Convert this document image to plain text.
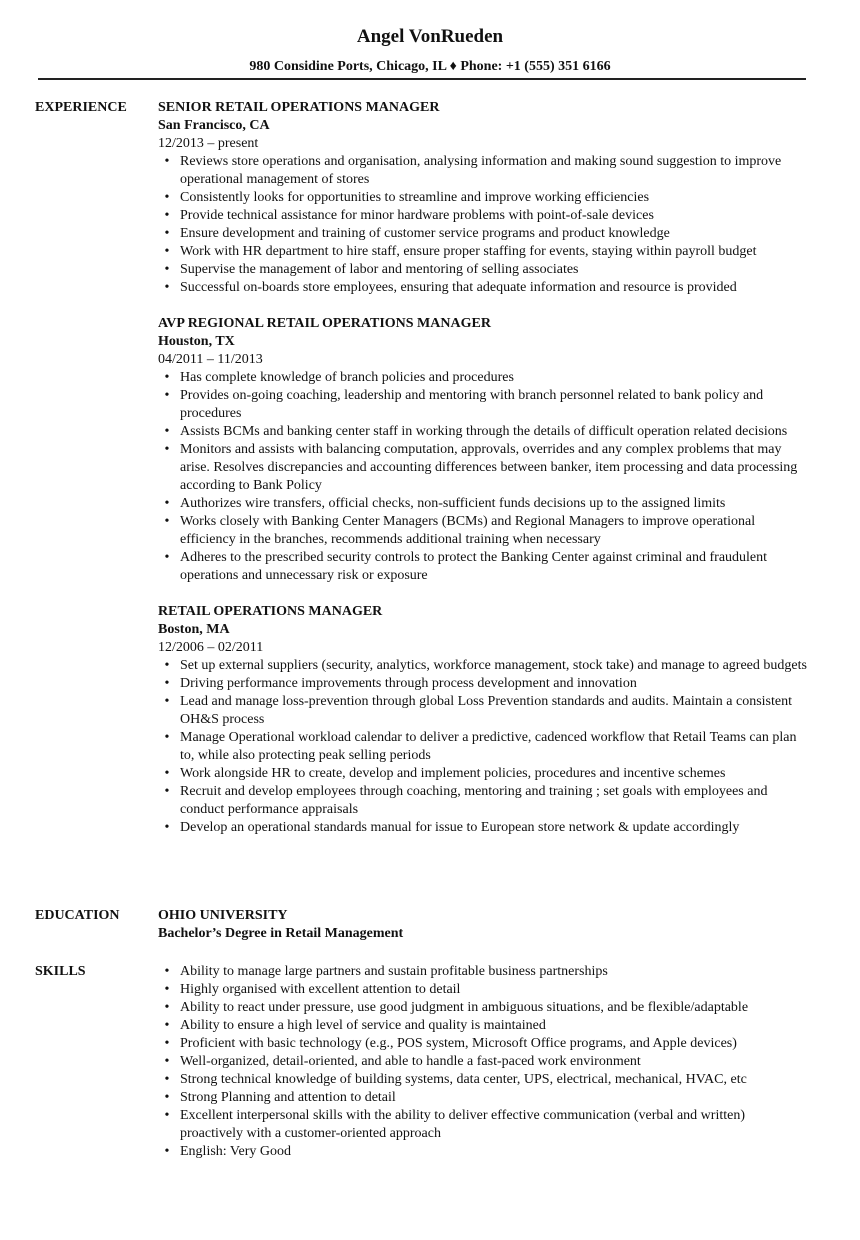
Angel VonRueden
980 Considine Ports, Chicago, IL ♦ Phone: +1 (555) 351 6166
EXPERIENCE SENIOR RETAIL OPERATIONS MANAGER
San Francisco, CA
12/2013 – present
• Reviews store operations and organisation, analysing information and making sound suggestion to improve operational management of stores
• Consistently looks for opportunities to streamline and improve working efficiencies
• Provide technical assistance for minor hardware problems with point-of-sale devices
• Ensure development and training of customer service programs and product knowledge
• Work with HR department to hire staff, ensure proper staffing for events, staying within payroll budget
• Supervise the management of labor and mentoring of selling associates
• Successful on-boards store employees, ensuring that adequate information and resource is provided
AVP REGIONAL RETAIL OPERATIONS MANAGER
Houston, TX
04/2011 – 11/2013
• Has complete knowledge of branch policies and procedures
• Provides on-going coaching, leadership and mentoring with branch personnel related to bank policy and procedures
• Assists BCMs and banking center staff in working through the details of difficult operation related decisions
• Monitors and assists with balancing computation, approvals, overrides and any complex problems that may arise. Resolves discrepancies and accounting differences between banker, item processing and data processing according to Bank Policy
• Authorizes wire transfers, official checks, non-sufficient funds decisions up to the assigned limits
• Works closely with Banking Center Managers (BCMs) and Regional Managers to improve operational efficiency in the branches, recommends additional training when necessary
• Adheres to the prescribed security controls to protect the Banking Center against criminal and fraudulent operations and unnecessary risk or exposure
RETAIL OPERATIONS MANAGER
Boston, MA
12/2006 – 02/2011
• Set up external suppliers (security, analytics, workforce management, stock take) and manage to agreed budgets
• Driving performance improvements through process development and innovation
• Lead and manage loss-prevention through global Loss Prevention standards and audits. Maintain a consistent OH&S process
• Manage Operational workload calendar to deliver a predictive, cadenced workflow that Retail Teams can plan to, while also protecting peak selling periods
• Work alongside HR to create, develop and implement policies, procedures and incentive schemes
• Recruit and develop employees through coaching, mentoring and training ; set goals with employees and conduct performance appraisals
• Develop an operational standards manual for issue to European store network & update accordingly
EDUCATION	OHIO UNIVERSITY
Bachelor’s Degree in Retail Management
SKILLS	• Ability to manage large partners and sustain profitable business partnerships
• Highly organised with excellent attention to detail
• Ability to react under pressure, use good judgment in ambiguous situations, and be flexible/adaptable
• Ability to ensure a high level of service and quality is maintained
• Proficient with basic technology (e.g., POS system, Microsoft Office programs, and Apple devices)
• Well-organized, detail-oriented, and able to handle a fast-paced work environment
• Strong technical knowledge of building systems, data center, UPS, electrical, mechanical, HVAC, etc
• Strong Planning and attention to detail
• Excellent interpersonal skills with the ability to deliver effective communication (verbal and written) proactively with a customer-oriented approach
• English: Very Good
